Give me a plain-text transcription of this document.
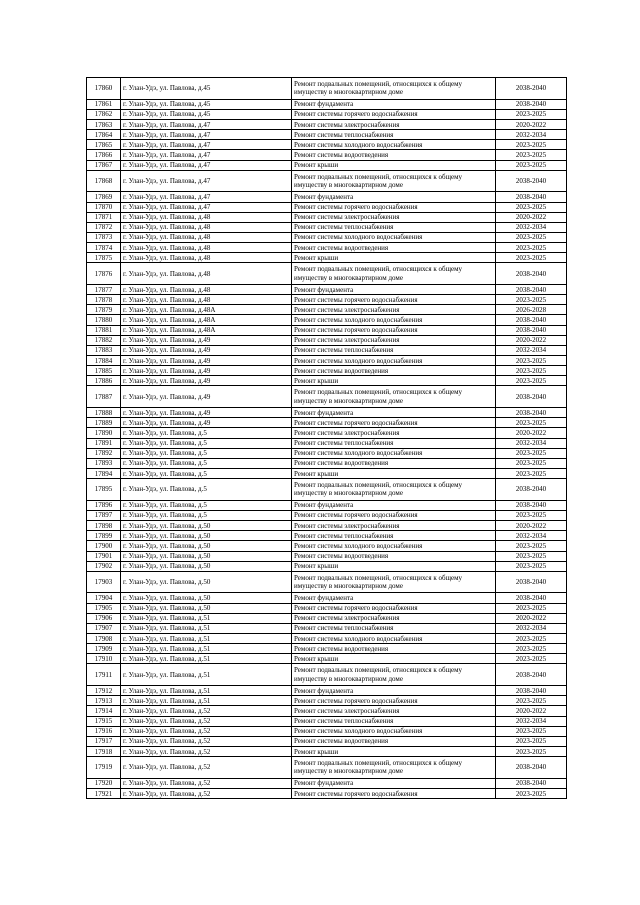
17860	г. Улан-Удэ, ул. Павлова, д.45	Ремонт подвальных помещений, относящихся к общему имуществу в многоквартирном доме	2038-2040
17861	г. Улан-Удэ, ул. Павлова, д.45	Ремонт фундамента	2038-2040
17862	г. Улан-Удэ, ул. Павлова, д.45	Ремонт системы горячего водоснабжения	2023-2025
17863	г. Улан-Удэ, ул. Павлова, д.47	Ремонт системы электроснабжения	2020-2022
17864	г. Улан-Удэ, ул. Павлова, д.47	Ремонт системы теплоснабжения	2032-2034
17865	г. Улан-Удэ, ул. Павлова, д.47	Ремонт системы холодного водоснабжения	2023-2025
17866	г. Улан-Удэ, ул. Павлова, д.47	Ремонт системы водоотведения	2023-2025
17867	г. Улан-Удэ, ул. Павлова, д.47	Ремонт крыши	2023-2025
17868	г. Улан-Удэ, ул. Павлова, д.47	Ремонт подвальных помещений, относящихся к общему имуществу в многоквартирном доме	2038-2040
17869	г. Улан-Удэ, ул. Павлова, д.47	Ремонт фундамента	2038-2040
17870	г. Улан-Удэ, ул. Павлова, д.47	Ремонт системы горячего водоснабжения	2023-2025
17871	г. Улан-Удэ, ул. Павлова, д.48	Ремонт системы электроснабжения	2020-2022
17872	г. Улан-Удэ, ул. Павлова, д.48	Ремонт системы теплоснабжения	2032-2034
17873	г. Улан-Удэ, ул. Павлова, д.48	Ремонт системы холодного водоснабжения	2023-2025
17874	г. Улан-Удэ, ул. Павлова, д.48	Ремонт системы водоотведения	2023-2025
17875	г. Улан-Удэ, ул. Павлова, д.48	Ремонт крыши	2023-2025
17876	г. Улан-Удэ, ул. Павлова, д.48	Ремонт подвальных помещений, относящихся к общему имуществу в многоквартирном доме	2038-2040
17877	г. Улан-Удэ, ул. Павлова, д.48	Ремонт фундамента	2038-2040
17878	г. Улан-Удэ, ул. Павлова, д.48	Ремонт системы горячего водоснабжения	2023-2025
17879	г. Улан-Удэ, ул. Павлова, д.48А	Ремонт системы электроснабжения	2026-2028
17880	г. Улан-Удэ, ул. Павлова, д.48А	Ремонт системы холодного водоснабжения	2038-2040
17881	г. Улан-Удэ, ул. Павлова, д.48А	Ремонт системы горячего водоснабжения	2038-2040
17882	г. Улан-Удэ, ул. Павлова, д.49	Ремонт системы электроснабжения	2020-2022
17883	г. Улан-Удэ, ул. Павлова, д.49	Ремонт системы теплоснабжения	2032-2034
17884	г. Улан-Удэ, ул. Павлова, д.49	Ремонт системы холодного водоснабжения	2023-2025
17885	г. Улан-Удэ, ул. Павлова, д.49	Ремонт системы водоотведения	2023-2025
17886	г. Улан-Удэ, ул. Павлова, д.49	Ремонт крыши	2023-2025
17887	г. Улан-Удэ, ул. Павлова, д.49	Ремонт подвальных помещений, относящихся к общему имуществу в многоквартирном доме	2038-2040
17888	г. Улан-Удэ, ул. Павлова, д.49	Ремонт фундамента	2038-2040
17889	г. Улан-Удэ, ул. Павлова, д.49	Ремонт системы горячего водоснабжения	2023-2025
17890	г. Улан-Удэ, ул. Павлова, д.5	Ремонт системы электроснабжения	2020-2022
17891	г. Улан-Удэ, ул. Павлова, д.5	Ремонт системы теплоснабжения	2032-2034
17892	г. Улан-Удэ, ул. Павлова, д.5	Ремонт системы холодного водоснабжения	2023-2025
17893	г. Улан-Удэ, ул. Павлова, д.5	Ремонт системы водоотведения	2023-2025
17894	г. Улан-Удэ, ул. Павлова, д.5	Ремонт крыши	2023-2025
17895	г. Улан-Удэ, ул. Павлова, д.5	Ремонт подвальных помещений, относящихся к общему имуществу в многоквартирном доме	2038-2040
17896	г. Улан-Удэ, ул. Павлова, д.5	Ремонт фундамента	2038-2040
17897	г. Улан-Удэ, ул. Павлова, д.5	Ремонт системы горячего водоснабжения	2023-2025
17898	г. Улан-Удэ, ул. Павлова, д.50	Ремонт системы электроснабжения	2020-2022
17899	г. Улан-Удэ, ул. Павлова, д.50	Ремонт системы теплоснабжения	2032-2034
17900	г. Улан-Удэ, ул. Павлова, д.50	Ремонт системы холодного водоснабжения	2023-2025
17901	г. Улан-Удэ, ул. Павлова, д.50	Ремонт системы водоотведения	2023-2025
17902	г. Улан-Удэ, ул. Павлова, д.50	Ремонт крыши	2023-2025
17903	г. Улан-Удэ, ул. Павлова, д.50	Ремонт подвальных помещений, относящихся к общему имуществу в многоквартирном доме	2038-2040
17904	г. Улан-Удэ, ул. Павлова, д.50	Ремонт фундамента	2038-2040
17905	г. Улан-Удэ, ул. Павлова, д.50	Ремонт системы горячего водоснабжения	2023-2025
17906	г. Улан-Удэ, ул. Павлова, д.51	Ремонт системы электроснабжения	2020-2022
17907	г. Улан-Удэ, ул. Павлова, д.51	Ремонт системы теплоснабжения	2032-2034
17908	г. Улан-Удэ, ул. Павлова, д.51	Ремонт системы холодного водоснабжения	2023-2025
17909	г. Улан-Удэ, ул. Павлова, д.51	Ремонт системы водоотведения	2023-2025
17910	г. Улан-Удэ, ул. Павлова, д.51	Ремонт крыши	2023-2025
17911	г. Улан-Удэ, ул. Павлова, д.51	Ремонт подвальных помещений, относящихся к общему имуществу в многоквартирном доме	2038-2040
17912	г. Улан-Удэ, ул. Павлова, д.51	Ремонт фундамента	2038-2040
17913	г. Улан-Удэ, ул. Павлова, д.51	Ремонт системы горячего водоснабжения	2023-2025
17914	г. Улан-Удэ, ул. Павлова, д.52	Ремонт системы электроснабжения	2020-2022
17915	г. Улан-Удэ, ул. Павлова, д.52	Ремонт системы теплоснабжения	2032-2034
17916	г. Улан-Удэ, ул. Павлова, д.52	Ремонт системы холодного водоснабжения	2023-2025
17917	г. Улан-Удэ, ул. Павлова, д.52	Ремонт системы водоотведения	2023-2025
17918	г. Улан-Удэ, ул. Павлова, д.52	Ремонт крыши	2023-2025
17919	г. Улан-Удэ, ул. Павлова, д.52	Ремонт подвальных помещений, относящихся к общему имуществу в многоквартирном доме	2038-2040
17920	г. Улан-Удэ, ул. Павлова, д.52	Ремонт фундамента	2038-2040
17921	г. Улан-Удэ, ул. Павлова, д.52	Ремонт системы горячего водоснабжения	2023-2025
